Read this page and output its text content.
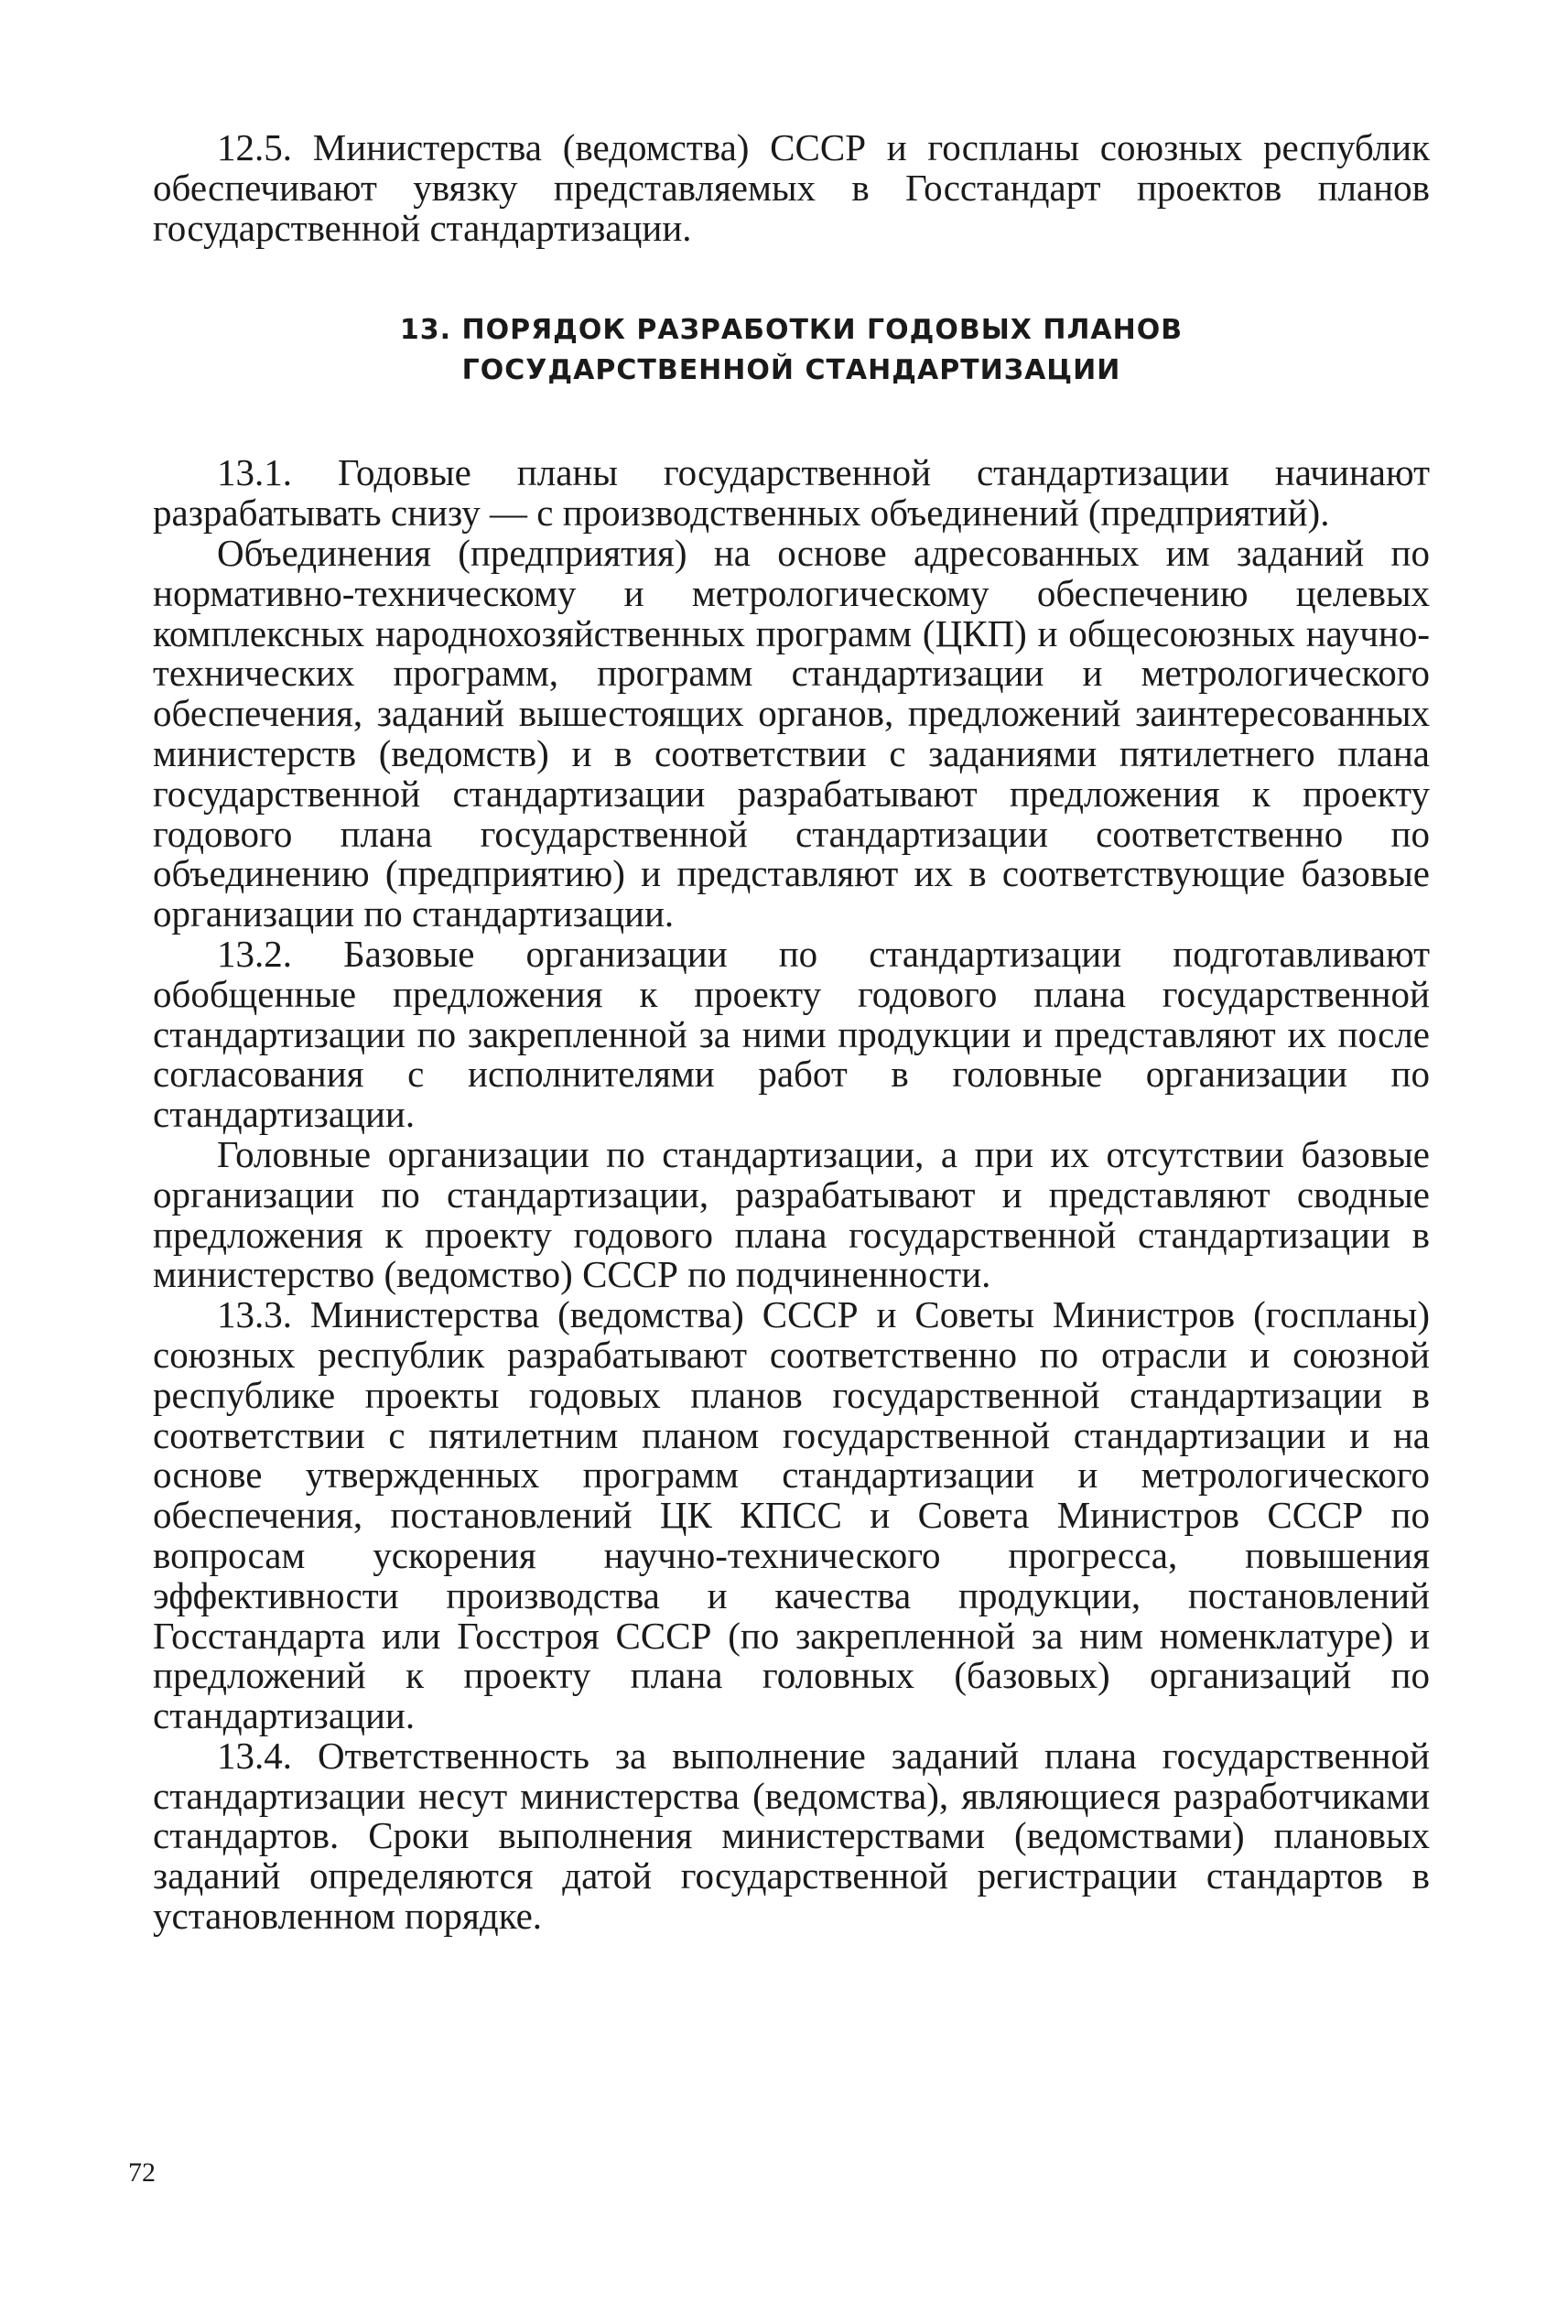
12.5. Министерства (ведомства) СССР и госпланы союзных республик обеспечивают увязку представляемых в Госстандарт проектов планов государственной стандартизации.

13. ПОРЯДОК РАЗРАБОТКИ ГОДОВЫХ ПЛАНОВ
ГОСУДАРСТВЕННОЙ СТАНДАРТИЗАЦИИ

13.1. Годовые планы государственной стандартизации начинают разрабатывать снизу — с производственных объединений (предприятий).

Объединения (предприятия) на основе адресованных им заданий по нормативно-техническому и метрологическому обеспечению целевых комплексных народнохозяйственных программ (ЦКП) и общесоюзных научно-технических программ, программ стандартизации и метрологического обеспечения, заданий вышестоящих органов, предложений заинтересованных министерств (ведомств) и в соответствии с заданиями пятилетнего плана государственной стандартизации разрабатывают предложения к проекту годового плана государственной стандартизации соответственно по объединению (предприятию) и представляют их в соответствующие базовые организации по стандартизации.

13.2. Базовые организации по стандартизации подготавливают обобщенные предложения к проекту годового плана государственной стандартизации по закрепленной за ними продукции и представляют их после согласования с исполнителями работ в головные организации по стандартизации.

Головные организации по стандартизации, а при их отсутствии базовые организации по стандартизации, разрабатывают и представляют сводные предложения к проекту годового плана государственной стандартизации в министерство (ведомство) СССР по подчиненности.

13.3. Министерства (ведомства) СССР и Советы Министров (госпланы) союзных республик разрабатывают соответственно по отрасли и союзной республике проекты годовых планов государственной стандартизации в соответствии с пятилетним планом государственной стандартизации и на основе утвержденных программ стандартизации и метрологического обеспечения, постановлений ЦК КПСС и Совета Министров СССР по вопросам ускорения научно-технического прогресса, повышения эффективности производства и качества продукции, постановлений Госстандарта или Госстроя СССР (по закрепленной за ним номенклатуре) и предложений к проекту плана головных (базовых) организаций по стандартизации.

13.4. Ответственность за выполнение заданий плана государственной стандартизации несут министерства (ведомства), являющиеся разработчиками стандартов. Сроки выполнения министерствами (ведомствами) плановых заданий определяются датой государственной регистрации стандартов в установленном порядке.

72
